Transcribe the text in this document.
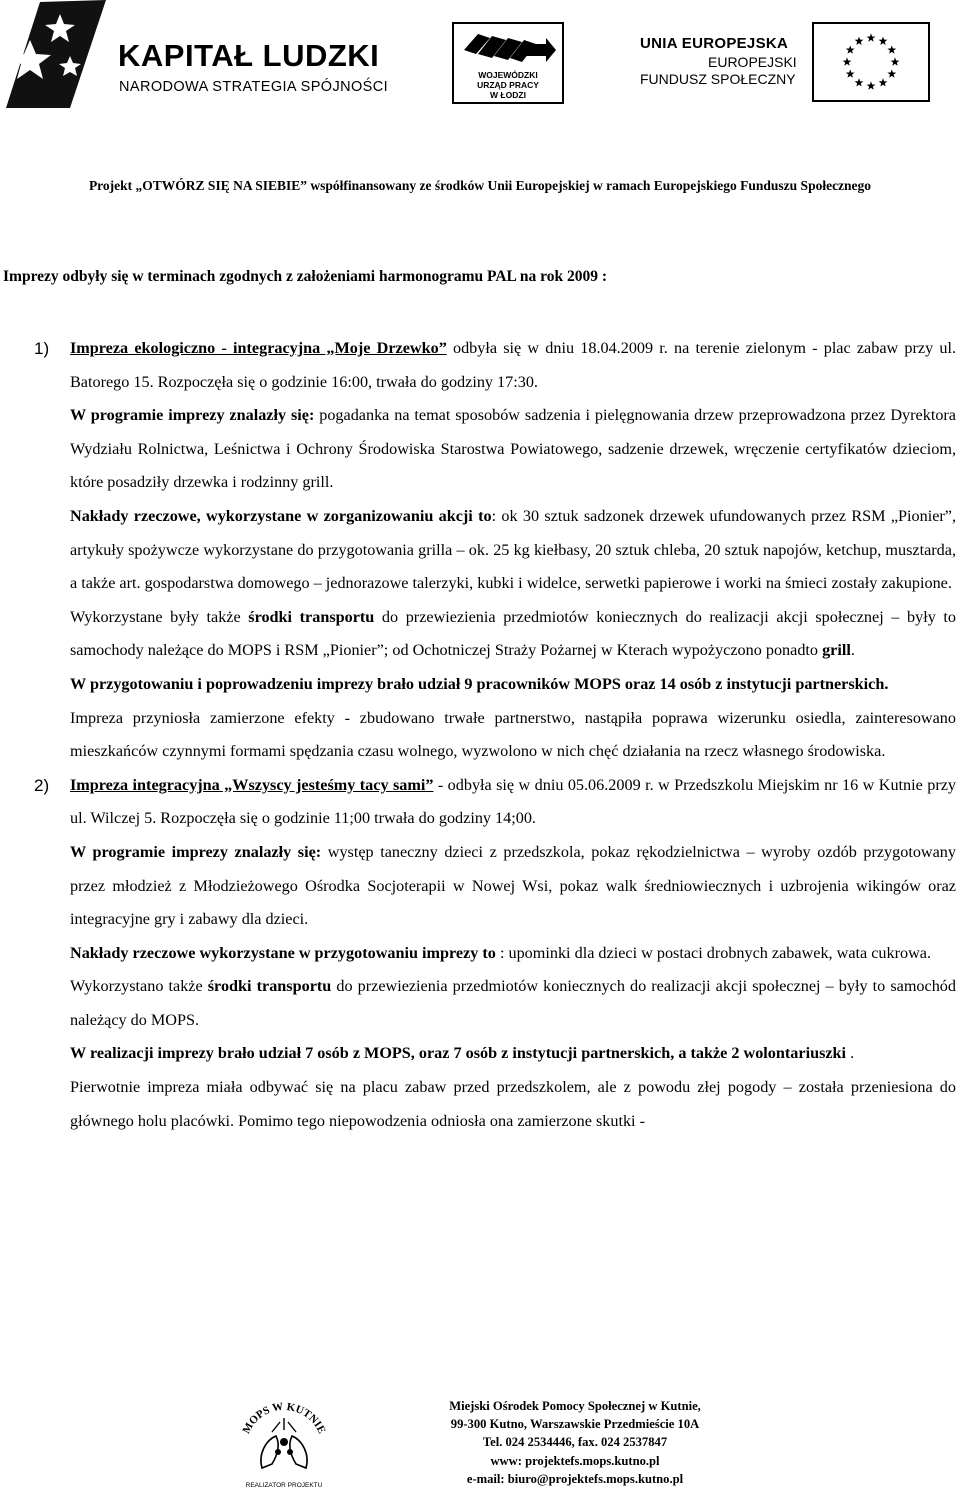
KAPITAŁ LUDZKI
NARODOWA STRATEGIA SPÓJNOŚCI
WOJEWÓDZKI
URZĄD PRACY
W ŁODZI
UNIA EUROPEJSKA
EUROPEJSKI
FUNDUSZ SPOŁECZNY
Projekt „OTWÓRZ SIĘ NA SIEBIE” współfinansowany ze środków Unii Europejskiej w ramach Europejskiego Funduszu Społecznego
Imprezy odbyły się w terminach zgodnych z założeniami harmonogramu PAL na rok 2009 :
1) Impreza ekologiczno - integracyjna „Moje Drzewko” odbyła się w dniu 18.04.2009 r. na terenie zielonym - plac zabaw przy ul. Batorego 15. Rozpoczęła się o godzinie 16:00, trwała do godziny 17:30.

W programie imprezy znalazły się: pogadanka na temat sposobów sadzenia i pielęgnowania drzew przeprowadzona przez Dyrektora Wydziału Rolnictwa, Leśnictwa i Ochrony Środowiska Starostwa Powiatowego, sadzenie drzewek, wręczenie certyfikatów dzieciom, które posadziły drzewka i rodzinny grill.

Nakłady rzeczowe, wykorzystane w zorganizowaniu akcji to: ok 30 sztuk sadzonek drzewek ufundowanych przez RSM „Pionier”, artykuły spożywcze wykorzystane do przygotowania grilla – ok. 25 kg kiełbasy, 20 sztuk chleba, 20 sztuk napojów, ketchup, musztarda, a także art. gospodarstwa domowego – jednorazowe talerzyki, kubki i widelce, serwetki papierowe i worki na śmieci zostały zakupione.

Wykorzystane były także środki transportu do przewiezienia przedmiotów koniecznych do realizacji akcji społecznej – były to samochody należące do MOPS i RSM „Pionier”; od Ochotniczej Straży Pożarnej w Kterach wypożyczono ponadto grill.

W przygotowaniu i poprowadzeniu imprezy brało udział 9 pracowników MOPS oraz 14 osób z instytucji partnerskich.

Impreza przyniosła zamierzone efekty - zbudowano trwałe partnerstwo, nastąpiła poprawa wizerunku osiedla, zainteresowano mieszkańców czynnymi formami spędzania czasu wolnego, wyzwolono w nich chęć działania na rzecz własnego środowiska.

2) Impreza integracyjna „Wszyscy jesteśmy tacy sami” - odbyła się w dniu 05.06.2009 r. w Przedszkolu Miejskim nr 16 w Kutnie przy ul. Wilczej 5. Rozpoczęła się o godzinie 11;00 trwała do godziny 14;00.

W programie imprezy znalazły się: występ taneczny dzieci z przedszkola, pokaz rękodzielnictwa – wyroby ozdób przygotowany przez młodzież z Młodzieżowego Ośrodka Socjoterapii w Nowej Wsi, pokaz walk średniowiecznych i uzbrojenia wikingów oraz integracyjne gry i zabawy dla dzieci.

Nakłady rzeczowe wykorzystane w przygotowaniu imprezy to : upominki dla dzieci w postaci drobnych zabawek, wata cukrowa.

Wykorzystano także środki transportu do przewiezienia przedmiotów koniecznych do realizacji akcji społecznej – były to samochód należący do MOPS.

W realizacji imprezy brało udział 7 osób z MOPS, oraz 7 osób z instytucji partnerskich, a także 2 wolontariuszki .

Pierwotnie impreza miała odbywać się na placu zabaw przed przedszkolem, ale z powodu złej pogody – została przeniesiona do głównego holu placówki. Pomimo tego niepowodzenia odniosła ona zamierzone skutki -

MOPS W KUTNIE
REALIZATOR PROJEKTU
Miejski Ośrodek Pomocy Społecznej w Kutnie,
99-300 Kutno, Warszawskie Przedmieście 10A
Tel. 024 2534446, fax. 024 2537847
www: projektefs.mops.kutno.pl
e-mail: biuro@projektefs.mops.kutno.pl
